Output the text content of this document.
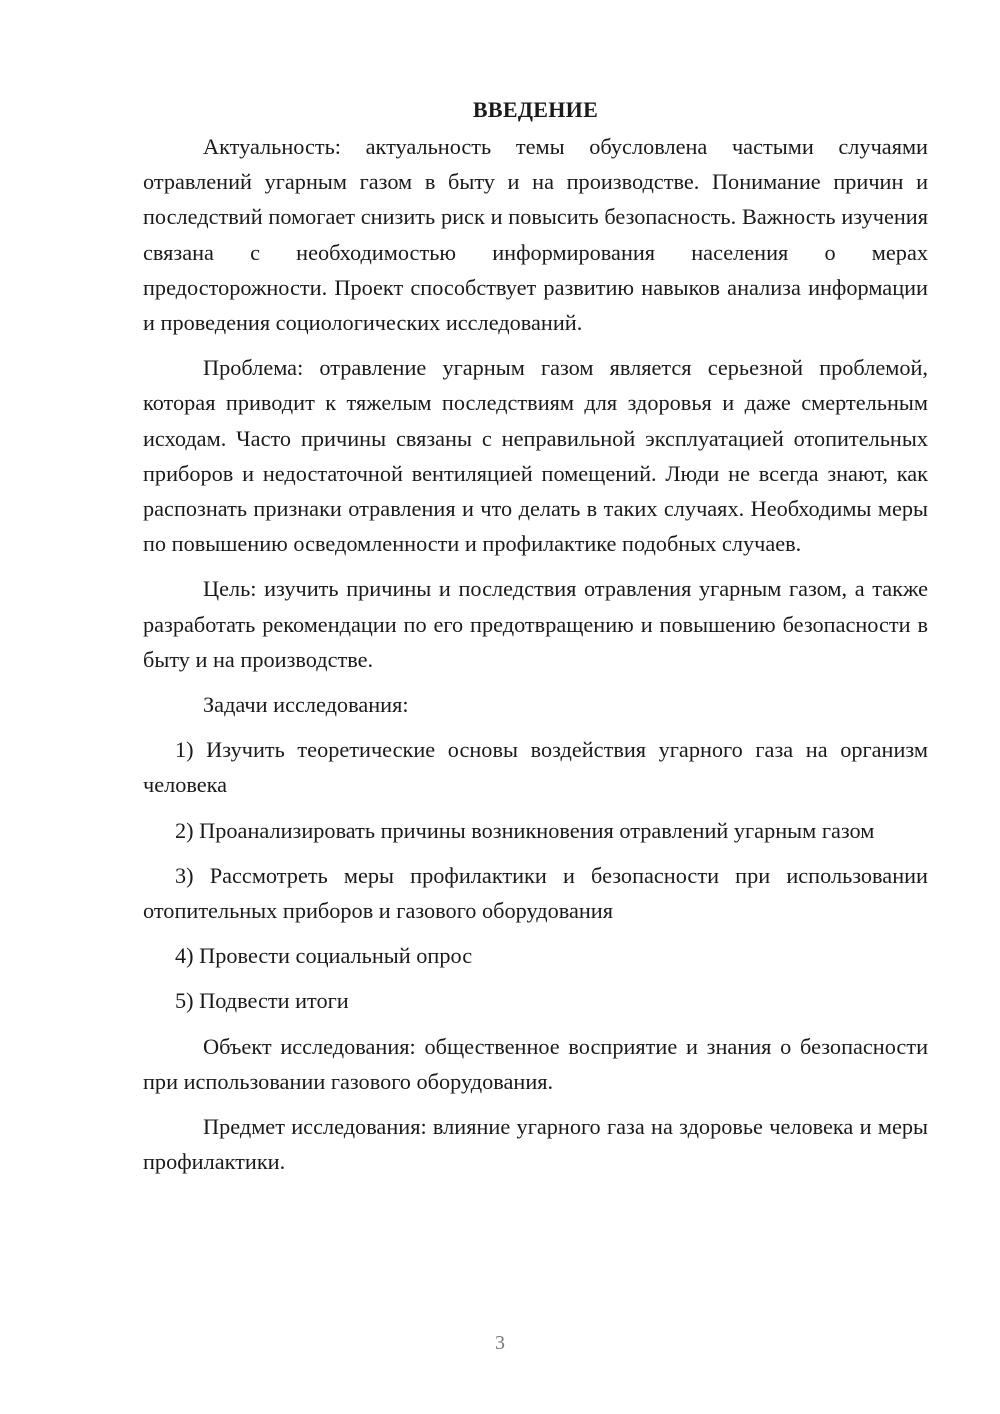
ВВЕДЕНИЕ

Актуальность: актуальность темы обусловлена частыми случаями отравлений угарным газом в быту и на производстве. Понимание причин и последствий помогает снизить риск и повысить безопасность. Важность изучения связана с необходимостью информирования населения о мерах предосторожности. Проект способствует развитию навыков анализа информации и проведения социологических исследований.

Проблема: отравление угарным газом является серьезной проблемой, которая приводит к тяжелым последствиям для здоровья и даже смертельным исходам. Часто причины связаны с неправильной эксплуатацией отопительных приборов и недостаточной вентиляцией помещений. Люди не всегда знают, как распознать признаки отравления и что делать в таких случаях. Необходимы меры по повышению осведомленности и профилактике подобных случаев.

Цель: изучить причины и последствия отравления угарным газом, а также разработать рекомендации по его предотвращению и повышению безопасности в быту и на производстве.

Задачи исследования:

1) Изучить теоретические основы воздействия угарного газа на организм человека

2) Проанализировать причины возникновения отравлений угарным газом

3) Рассмотреть меры профилактики и безопасности при использовании отопительных приборов и газового оборудования

4) Провести социальный опрос

5) Подвести итоги

Объект исследования: общественное восприятие и знания о безопасности при использовании газового оборудования.

Предмет исследования: влияние угарного газа на здоровье человека и меры профилактики.

3
